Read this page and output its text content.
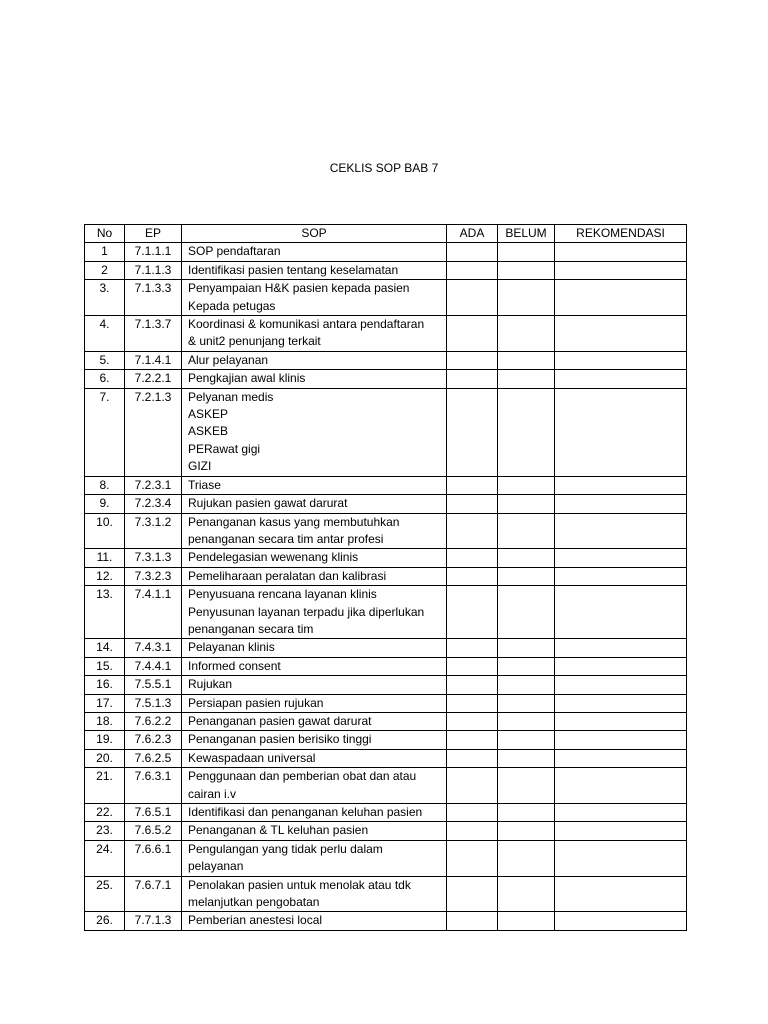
CEKLIS SOP BAB 7
No	EP	SOP	ADA	BELUM	REKOMENDASI
1	7.1.1.1	SOP pendaftaran			

2	7.1.1.3	Identifikasi pasien tentang keselamatan			

3.	7.1.3.3	Penyampaian H&K pasien kepada pasien
Kepada petugas			

4.	7.1.3.7	Koordinasi & komunikasi antara pendaftaran
& unit2 penunjang terkait			

5.	7.1.4.1	Alur pelayanan			

6.	7.2.2.1	Pengkajian awal klinis			

7.	7.2.1.3	Pelyanan medis
ASKEP
ASKEB
PERawat gigi
GIZI			

8.	7.2.3.1	Triase			

9.	7.2.3.4	Rujukan pasien gawat darurat			

10.	7.3.1.2	Penanganan kasus yang membutuhkan
penanganan secara tim antar profesi			

11.	7.3.1.3	Pendelegasian wewenang klinis			

12.	7.3.2.3	Pemeliharaan peralatan dan kalibrasi			

13.	7.4.1.1	Penyusuana rencana layanan klinis
Penyusunan layanan terpadu jika diperlukan
penanganan secara tim			

14.	7.4.3.1	Pelayanan klinis			

15.	7.4.4.1	Informed consent			

16.	7.5.5.1	Rujukan			

17.	7.5.1.3	Persiapan pasien rujukan			

18.	7.6.2.2	Penanganan pasien gawat darurat			

19.	7.6.2.3	Penanganan pasien berisiko tinggi			

20.	7.6.2.5	Kewaspadaan universal			

21.	7.6.3.1	Penggunaan dan pemberian obat dan atau
cairan i.v			

22.	7.6.5.1	Identifikasi dan penanganan keluhan pasien			

23.	7.6.5.2	Penanganan & TL keluhan pasien			

24.	7.6.6.1	Pengulangan yang tidak perlu dalam
pelayanan			

25.	7.6.7.1	Penolakan pasien untuk menolak atau tdk
melanjutkan pengobatan			

26.	7.7.1.3	Pemberian anestesi local			
